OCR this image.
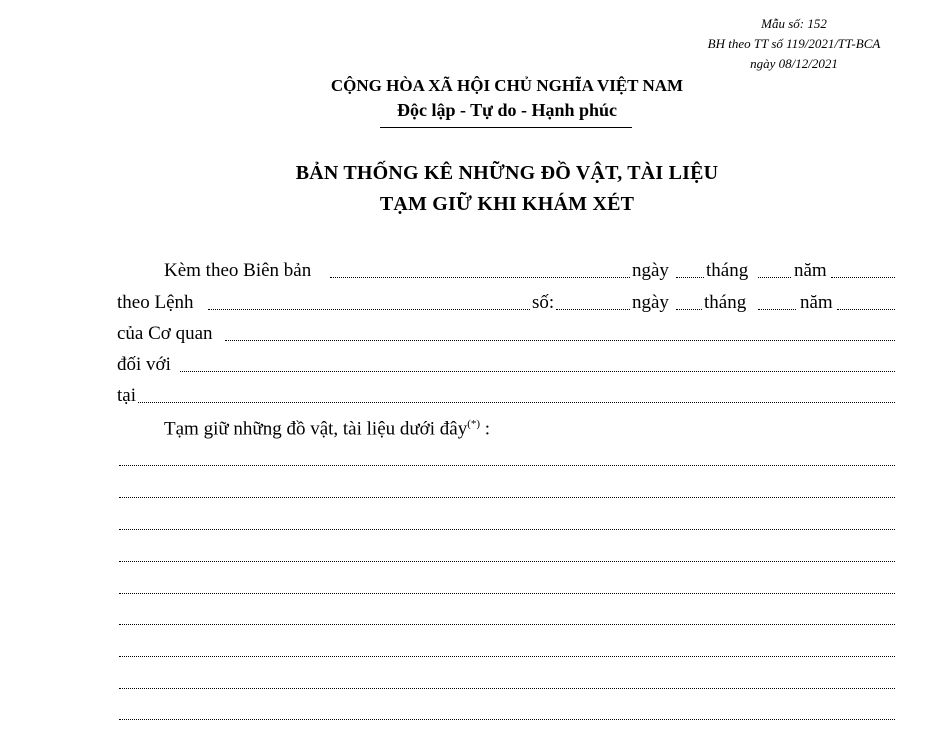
Mẫu số: 152
BH theo TT số 119/2021/TT-BCA
ngày 08/12/2021
CỘNG HÒA XÃ HỘI CHỦ NGHĨA VIỆT NAM
Độc lập - Tự do - Hạnh phúc
BẢN THỐNG KÊ NHỮNG ĐỒ VẬT, TÀI LIỆU
TẠM GIỮ KHI KHÁM XÉT
Kèm theo Biên bản	ngày tháng năm
theo Lệnh	số:	ngày tháng	năm
của Cơ quan
đối với
tại
Tạm giữ những đồ vật, tài liệu dưới đây(*) :
